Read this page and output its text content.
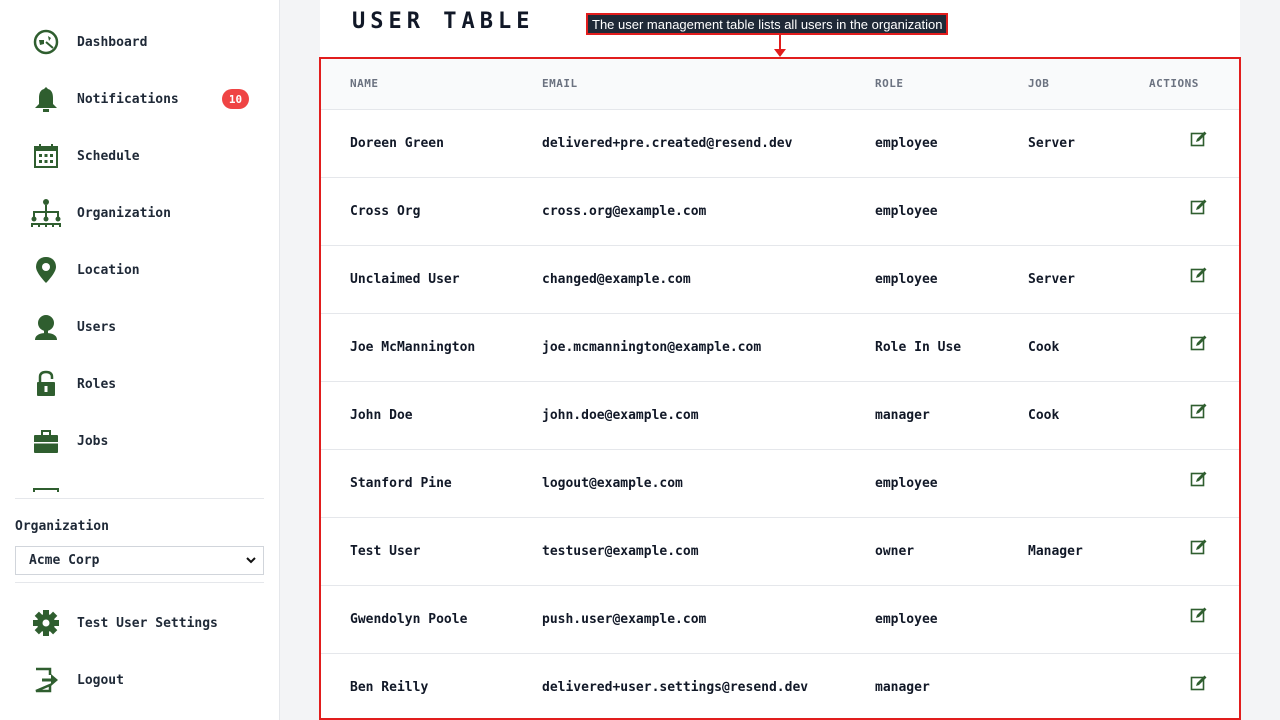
Dashboard
Notifications	10
Schedule
Organization
Location
Users
Roles
Jobs
Organization
Acme Corp
Test User Settings
Logout
USER TABLE	The user management table lists all users in the organization
NAME	EMAIL	ROLE	JOB	ACTIONS
Doreen Green	delivered+pre.created@resend.dev	employee	Server	
Cross Org	cross.org@example.com	employee		
Unclaimed User	changed@example.com	employee	Server	
Joe McMannington	joe.mcmannington@example.com	Role In Use	Cook	
John Doe	john.doe@example.com	manager	Cook	
Stanford Pine	logout@example.com	employee		
Test User	testuser@example.com	owner	Manager	
Gwendolyn Poole	push.user@example.com	employee		
Ben Reilly	delivered+user.settings@resend.dev	manager		
